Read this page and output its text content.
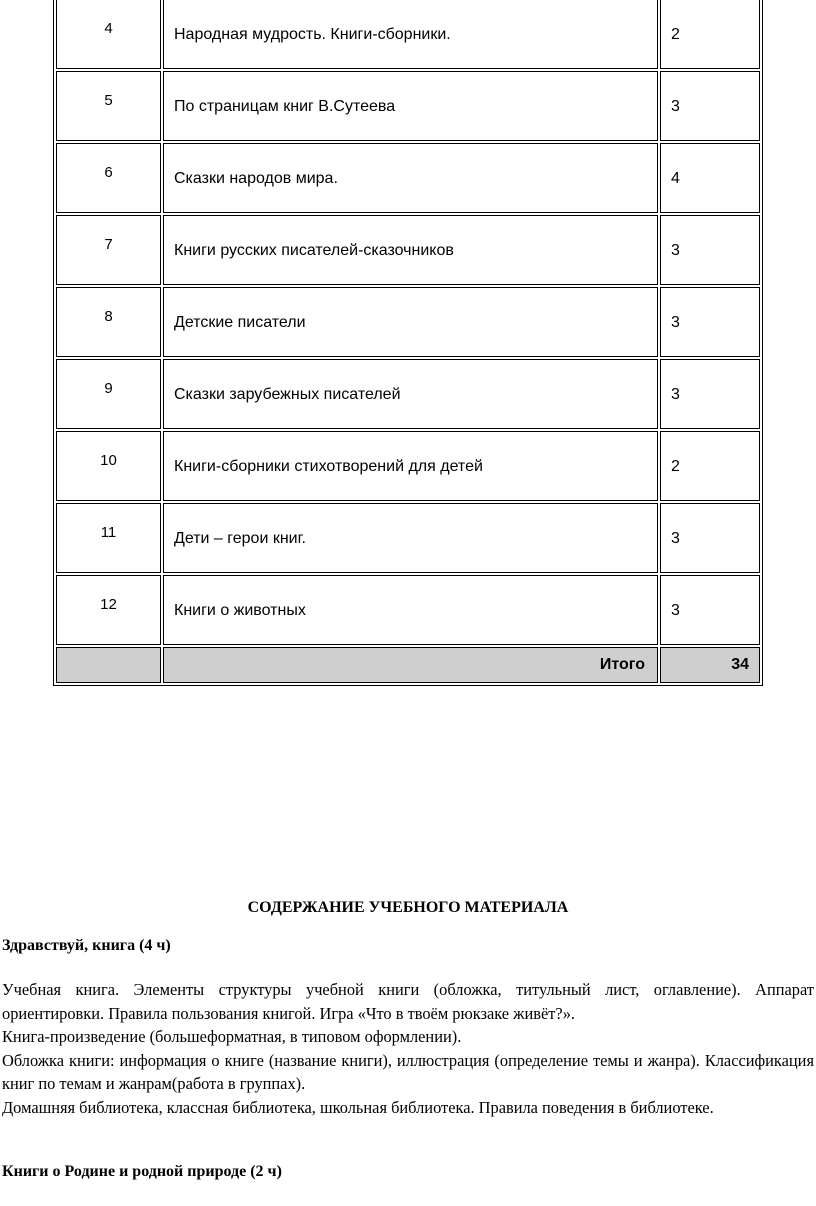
4	Народная мудрость. Книги-сборники.	2

5	По страницам книг В.Сутеева	3

6	Сказки народов мира.	4

7	Книги русских писателей-сказочников	3

8	Детские писатели	3

9	Сказки зарубежных писателей	3

10	Книги-сборники стихотворений для детей	2

11	Дети – герои книг.	3

12	Книги о животных	3

	Итого	34
СОДЕРЖАНИЕ УЧЕБНОГО МАТЕРИАЛА
Здравствуй, книга (4 ч)

Учебная книга. Элементы структуры учебной книги (обложка, титульный лист, оглавление). Аппарат ориентировки. Правила пользования книгой. Игра «Что в твоём рюкзаке живёт?».

Книга-произведение (большеформатная, в типовом оформлении).

Обложка книги: информация о книге (название книги), иллюстрация (определение темы и жанра). Классификация книг по темам и жанрам(работа в группах).

Домашняя библиотека, классная библиотека, школьная библиотека. Правила поведения в библиотеке.

Книги о Родине и родной природе (2 ч)
